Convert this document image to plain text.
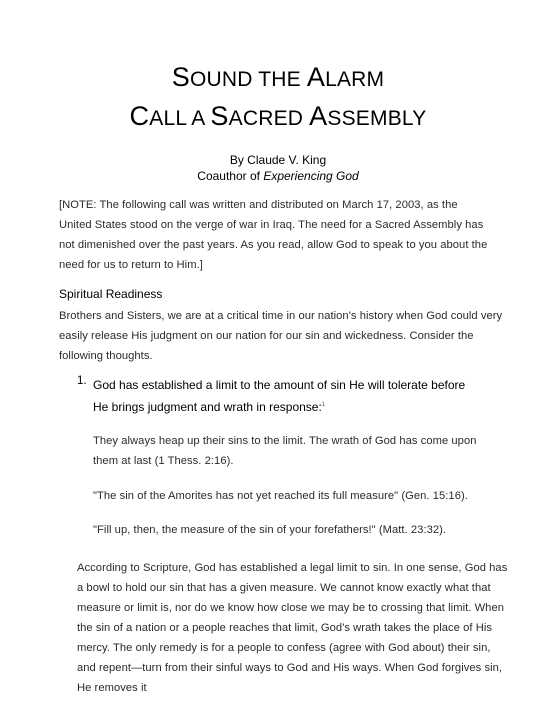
SOUND THE ALARM
CALL A SACRED ASSEMBLY
By Claude V. King
Coauthor of Experiencing God
[NOTE: The following call was written and distributed on March 17, 2003, as the United States stood on the verge of war in Iraq. The need for a Sacred Assembly has not dimenished over the past years. As you read, allow God to speak to you about the need for us to return to Him.]
Spiritual Readiness
Brothers and Sisters, we are at a critical time in our nation's history when God could very easily release His judgment on our nation for our sin and wickedness. Consider the following thoughts.
1. God has established a limit to the amount of sin He will tolerate before He brings judgment and wrath in response:$^1$
They always heap up their sins to the limit. The wrath of God has come upon them at last (1 Thess. 2:16).
"The sin of the Amorites has not yet reached its full measure" (Gen. 15:16).
"Fill up, then, the measure of the sin of your forefathers!" (Matt. 23:32).
According to Scripture, God has established a legal limit to sin. In one sense, God has a bowl to hold our sin that has a given measure. We cannot know exactly what that measure or limit is, nor do we know how close we may be to crossing that limit. When the sin of a nation or a people reaches that limit, God's wrath takes the place of His mercy. The only remedy is for a people to confess (agree with God about) their sin, and repent—turn from their sinful ways to God and His ways. When God forgives sin, He removes it
